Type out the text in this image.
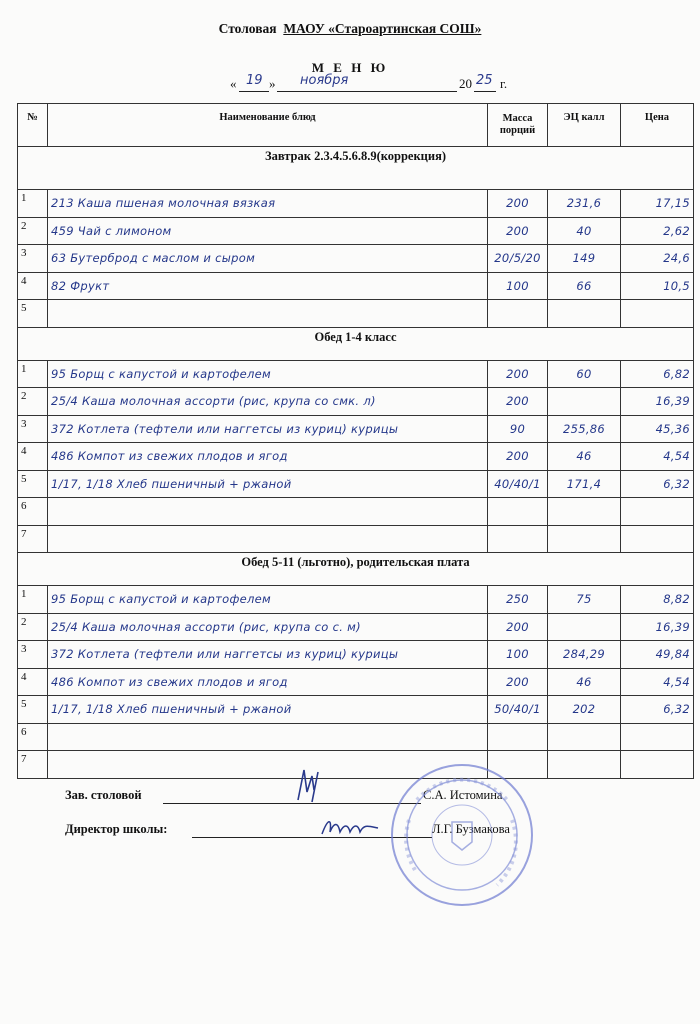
Столовая МАОУ «Староартинская СОШ»
М Е Н Ю
« 19 » ноября	20 25 г.
№	Наименование блюд	Масса порций	ЭЦ калл	Цена
Завтрак 2.3.4.5.6.8.9(коррекция)				
1	213 Каша пшеная молочная вязкая	200	231,6	17,15
2	459 Чай с лимоном	200	40	2,62
3	63 Бутерброд с маслом и сыром	20/5/20	149	24,6
4	82 Фрукт	100	66	10,5
5				
Обед 1-4 класс				
1	95 Борщ с капустой и картофелем	200	60	6,82
2	25/4 Каша молочная ассорти (рис, крупа со смк. л)	200		16,39
3	372 Котлета (тефтели или наггетсы из куриц) курицы	90	255,86	45,36
4	486 Компот из свежих плодов и ягод	200	46	4,54
5	1/17, 1/18 Хлеб пшеничный + ржаной	40/40/1	171,4	6,32
6				
7				
Обед 5-11 (льготно), родительская плата				
1	95 Борщ с капустой и картофелем	250	75	8,82
2	25/4 Каша молочная ассорти (рис, крупа со с. м)	200		16,39
3	372 Котлета (тефтели или наггетсы из куриц) курицы	100	284,29	49,84
4	486 Компот из свежих плодов и ягод	200	46	4,54
5	1/17, 1/18 Хлеб пшеничный + ржаной	50/40/1	202	6,32
6				
7				
Зав. столовой	С.А. Истомина
Директор школы:	Л.Г. Бузмакова
